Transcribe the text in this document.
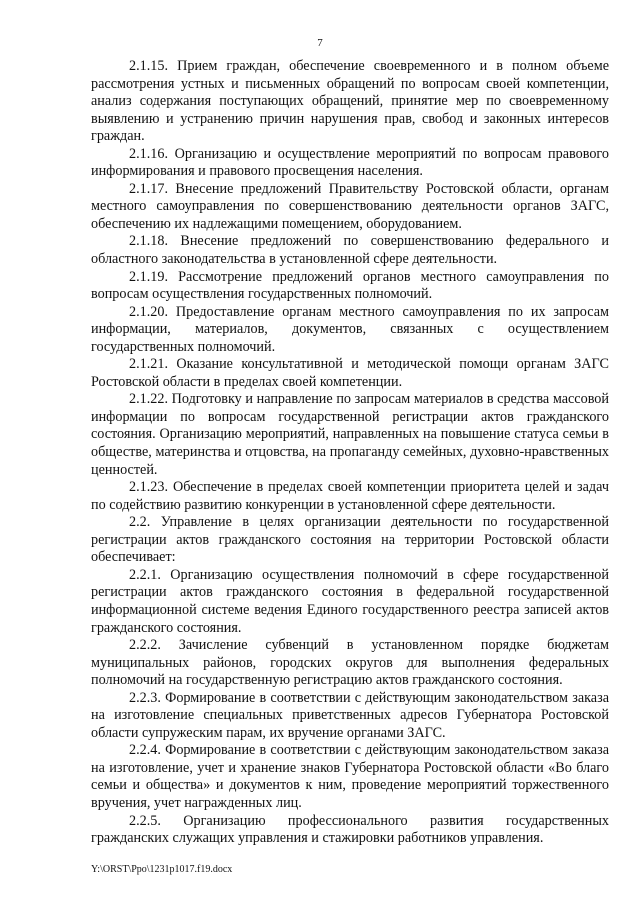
7

2.1.15. Прием граждан, обеспечение своевременного и в полном объеме рассмотрения устных и письменных обращений по вопросам своей компетенции, анализ содержания поступающих обращений, принятие мер по своевременному выявлению и устранению причин нарушения прав, свобод и законных интересов граждан.

2.1.16. Организацию и осуществление мероприятий по вопросам правового информирования и правового просвещения населения.

2.1.17. Внесение предложений Правительству Ростовской области, органам местного самоуправления по совершенствованию деятельности органов ЗАГС, обеспечению их надлежащими помещением, оборудованием.

2.1.18. Внесение предложений по совершенствованию федерального и областного законодательства в установленной сфере деятельности.

2.1.19. Рассмотрение предложений органов местного самоуправления по вопросам осуществления государственных полномочий.

2.1.20. Предоставление органам местного самоуправления по их запросам информации, материалов, документов, связанных с осуществлением государственных полномочий.

2.1.21. Оказание консультативной и методической помощи органам ЗАГС Ростовской области в пределах своей компетенции.

2.1.22. Подготовку и направление по запросам материалов в средства массовой информации по вопросам государственной регистрации актов гражданского состояния. Организацию мероприятий, направленных на повышение статуса семьи в обществе, материнства и отцовства, на пропаганду семейных, духовно-нравственных ценностей.

2.1.23. Обеспечение в пределах своей компетенции приоритета целей и задач по содействию развитию конкуренции в установленной сфере деятельности.

2.2. Управление в целях организации деятельности по государственной регистрации актов гражданского состояния на территории Ростовской области обеспечивает:

2.2.1. Организацию осуществления полномочий в сфере государственной регистрации актов гражданского состояния в федеральной государственной информационной системе ведения Единого государственного реестра записей актов гражданского состояния.

2.2.2. Зачисление субвенций в установленном порядке бюджетам муниципальных районов, городских округов для выполнения федеральных полномочий на государственную регистрацию актов гражданского состояния.

2.2.3. Формирование в соответствии с действующим законодательством заказа на изготовление специальных приветственных адресов Губернатора Ростовской области супружеским парам, их вручение органами ЗАГС.

2.2.4. Формирование в соответствии с действующим законодательством заказа на изготовление, учет и хранение знаков Губернатора Ростовской области «Во благо семьи и общества» и документов к ним, проведение мероприятий торжественного вручения, учет награжденных лиц.

2.2.5. Организацию профессионального развития государственных гражданских служащих управления и стажировки работников управления.

Y:\ORST\Ppo\1231p1017.f19.docx
